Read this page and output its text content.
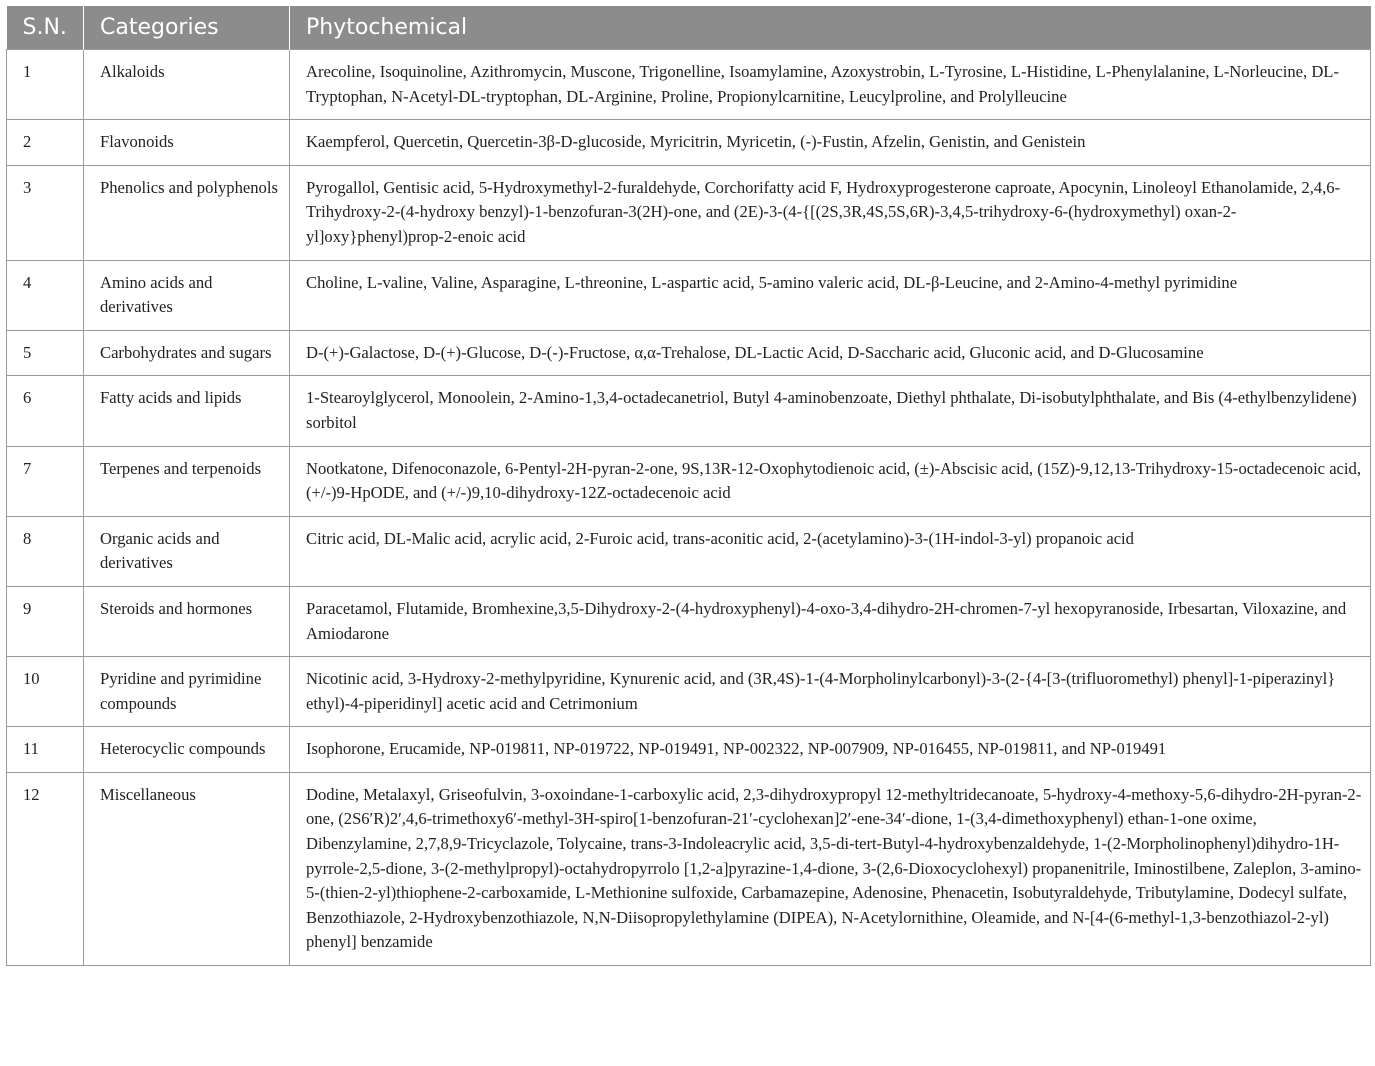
S.N.	Categories	Phytochemical
1	Alkaloids	Arecoline, Isoquinoline, Azithromycin, Muscone, Trigonelline, Isoamylamine, Azoxystrobin, L-Tyrosine, L-Histidine, L-Phenylalanine, L-Norleucine, DL-Tryptophan, N-Acetyl-DL-tryptophan, DL-Arginine, Proline, Propionylcarnitine, Leucylproline, and Prolylleucine
2	Flavonoids	Kaempferol, Quercetin, Quercetin-3β-D-glucoside, Myricitrin, Myricetin, (-)-Fustin, Afzelin, Genistin, and Genistein
3	Phenolics and polyphenols	Pyrogallol, Gentisic acid, 5-Hydroxymethyl-2-furaldehyde, Corchorifatty acid F, Hydroxyprogesterone caproate, Apocynin, Linoleoyl Ethanolamide, 2,4,6-Trihydroxy-2-(4-hydroxy benzyl)-1-benzofuran-3(2H)-one, and (2E)-3-(4-{[(2S,3R,4S,5S,6R)-3,4,5-trihydroxy-6-(hydroxymethyl) oxan-2-yl]oxy}phenyl)prop-2-enoic acid
4	Amino acids and derivatives	Choline, L-valine, Valine, Asparagine, L-threonine, L-aspartic acid, 5-amino valeric acid, DL-β-Leucine, and 2-Amino-4-methyl pyrimidine
5	Carbohydrates and sugars	D-(+)-Galactose, D-(+)-Glucose, D-(-)-Fructose, α,α-Trehalose, DL-Lactic Acid, D-Saccharic acid, Gluconic acid, and D-Glucosamine
6	Fatty acids and lipids	1-Stearoylglycerol, Monoolein, 2-Amino-1,3,4-octadecanetriol, Butyl 4-aminobenzoate, Diethyl phthalate, Di-isobutylphthalate, and Bis (4-ethylbenzylidene) sorbitol
7	Terpenes and terpenoids	Nootkatone, Difenoconazole, 6-Pentyl-2H-pyran-2-one, 9S,13R-12-Oxophytodienoic acid, (±)-Abscisic acid, (15Z)-9,12,13-Trihydroxy-15-octadecenoic acid, (+/-)9-HpODE, and (+/-)9,10-dihydroxy-12Z-octadecenoic acid
8	Organic acids and derivatives	Citric acid, DL-Malic acid, acrylic acid, 2-Furoic acid, trans-aconitic acid, 2-(acetylamino)-3-(1H-indol-3-yl) propanoic acid
9	Steroids and hormones	Paracetamol, Flutamide, Bromhexine,3,5-Dihydroxy-2-(4-hydroxyphenyl)-4-oxo-3,4-dihydro-2H-chromen-7-yl hexopyranoside, Irbesartan, Viloxazine, and Amiodarone
10	Pyridine and pyrimidine compounds	Nicotinic acid, 3-Hydroxy-2-methylpyridine, Kynurenic acid, and (3R,4S)-1-(4-Morpholinylcarbonyl)-3-(2-{4-[3-(trifluoromethyl) phenyl]-1-piperazinyl} ethyl)-4-piperidinyl] acetic acid and Cetrimonium
11	Heterocyclic compounds	Isophorone, Erucamide, NP-019811, NP-019722, NP-019491, NP-002322, NP-007909, NP-016455, NP-019811, and NP-019491
12	Miscellaneous	Dodine, Metalaxyl, Griseofulvin, 3-oxoindane-1-carboxylic acid, 2,3-dihydroxypropyl 12-methyltridecanoate, 5-hydroxy-4-methoxy-5,6-dihydro-2H-pyran-2-one, (2S6′R)2′,4,6-trimethoxy6′-methyl-3H-spiro[1-benzofuran-21′-cyclohexan]2′-ene-34′-dione, 1-(3,4-dimethoxyphenyl) ethan-1-one oxime, Dibenzylamine, 2,7,8,9-Tricyclazole, Tolycaine, trans-3-Indoleacrylic acid, 3,5-di-tert-Butyl-4-hydroxybenzaldehyde, 1-(2-Morpholinophenyl)dihydro-1H-pyrrole-2,5-dione, 3-(2-methylpropyl)-octahydropyrrolo [1,2-a]pyrazine-1,4-dione, 3-(2,6-Dioxocyclohexyl) propanenitrile, Iminostilbene, Zaleplon, 3-amino-5-(thien-2-yl)thiophene-2-carboxamide, L-Methionine sulfoxide, Carbamazepine, Adenosine, Phenacetin, Isobutyraldehyde, Tributylamine, Dodecyl sulfate, Benzothiazole, 2-Hydroxybenzothiazole, N,N-Diisopropylethylamine (DIPEA), N-Acetylornithine, Oleamide, and N-[4-(6-methyl-1,3-benzothiazol-2-yl) phenyl] benzamide
